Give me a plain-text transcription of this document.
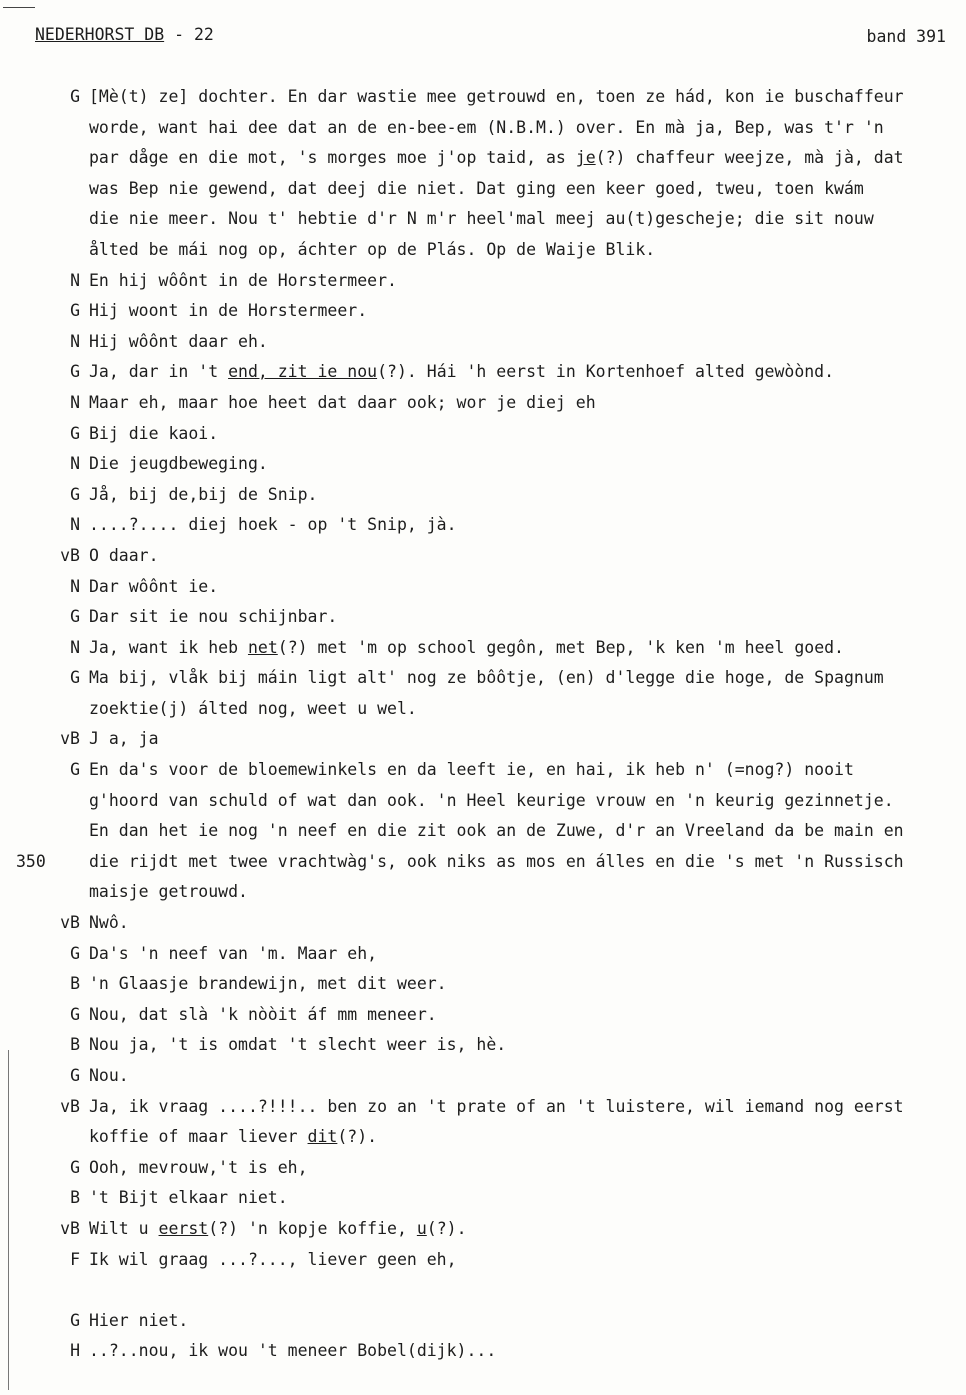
NEDERHORST DB - 22	band 391
G [Mè(t) ze] dochter. En dar wastie mee getrouwd en, toen ze hád, kon ie buschaffeur
worde, want hai dee dat an de en-bee-em (N.B.M.) over. En mà ja, Bep, was t'r 'n
par dåge en die mot, 's morges moe j'op taid, as je(?) chaffeur weejze, mà jà, dat
was Bep nie gewend, dat deej die niet. Dat ging een keer goed, tweu, toen kwám
die nie meer. Nou t' hebtie d'r N m'r heel'mal meej au(t)gescheje; die sit nouw
ålted be mái nog op, áchter op de Plás. Op de Waije Blik.
N En hij wôônt in de Horstermeer.
G Hij woont in de Horstermeer.
N Hij wôônt daar eh.
G Ja, dar in 't end, zit ie nou(?). Hái 'h eerst in Kortenhoef alted gewòònd.
N Maar eh, maar hoe heet dat daar ook; wor je diej eh
G Bij die kaoi.
N Die jeugdbeweging.
G Jå, bij de,bij de Snip.
N ....?.... diej hoek - op 't Snip, jà.
vB O daar.
N Dar wôônt ie.
G Dar sit ie nou schijnbar.
N Ja, want ik heb net(?) met 'm op school gegôn, met Bep, 'k ken 'm heel goed.
G Ma bij, vlåk bij máin ligt alt' nog ze bôôtje, (en) d'legge die hoge, de Spagnum
zoektie(j) álted nog, weet u wel.
vB J a, ja
G En da's voor de bloemewinkels en da leeft ie, en hai, ik heb n' (=nog?) nooit
g'hoord van schuld of wat dan ook. 'n Heel keurige vrouw en 'n keurig gezinnetje.
En dan het ie nog 'n neef en die zit ook an de Zuwe, d'r an Vreeland da be main en
350	die rijdt met twee vrachtwàg's, ook niks as mos en álles en die 's met 'n Russisch
maisje getrouwd.
vB Nwô.
G Da's 'n neef van 'm. Maar eh,
B 'n Glaasje brandewijn, met dit weer.
G Nou, dat slà 'k nòòit áf mm meneer.
B Nou ja, 't is omdat 't slecht weer is, hè.
G Nou.
vB Ja, ik vraag ....?!!!.. ben zo an 't prate of an 't luistere, wil iemand nog eerst
koffie of maar liever dit(?).
G Ooh, mevrouw,'t is eh,
B 't Bijt elkaar niet.
vB Wilt u eerst(?) 'n kopje koffie, u(?).
F Ik wil graag ...?..., liever geen eh,
G Hier niet.
H ..?..nou, ik wou 't meneer Bobel(dijk)...
